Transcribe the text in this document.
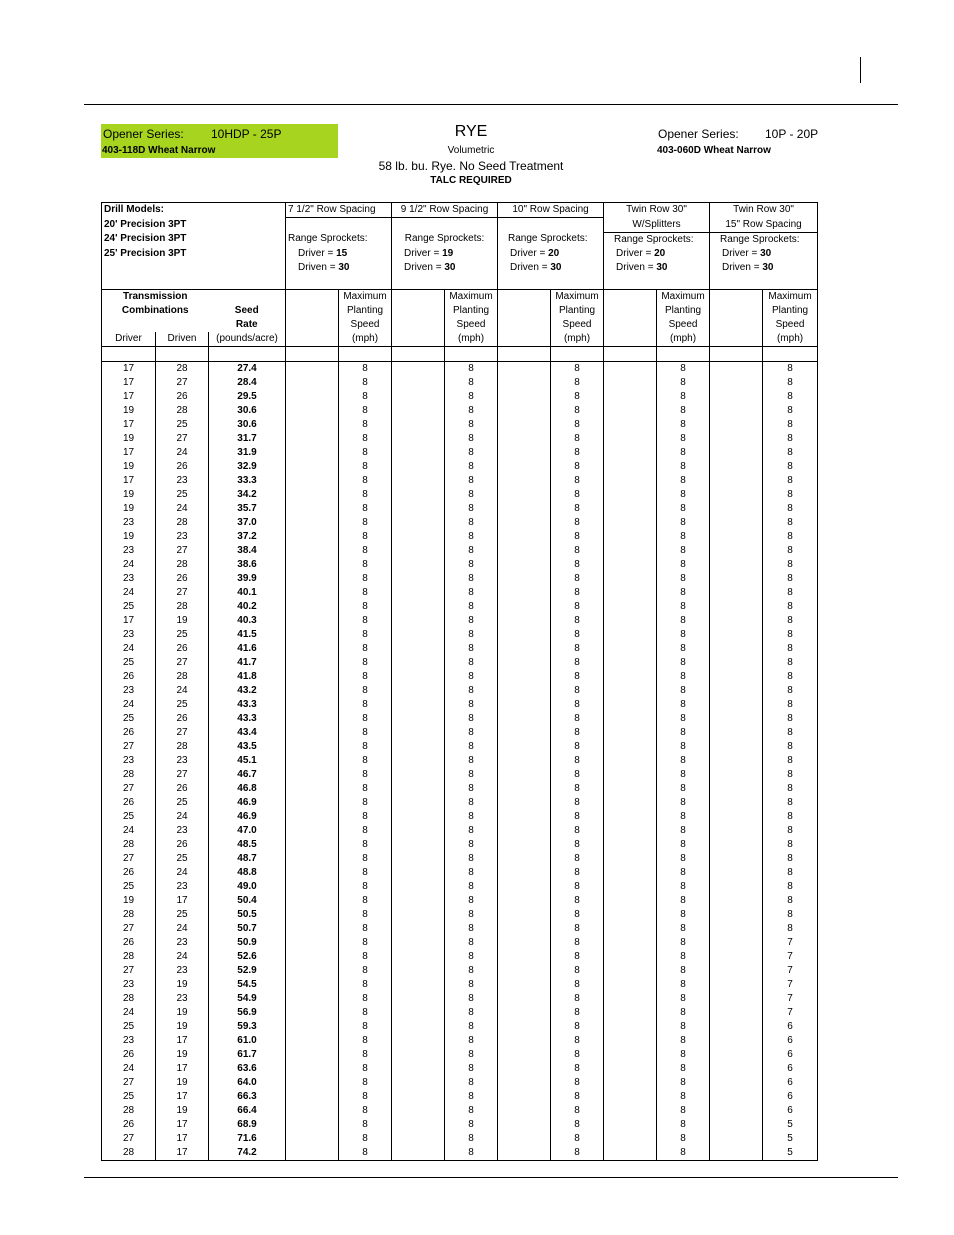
Opener Series: 10HDP - 25P
403-118D Wheat Narrow
RYE
Volumetric
58 lb. bu. Rye. No Seed Treatment
TALC REQUIRED
Opener Series: 10P - 20P
403-060D Wheat Narrow
Drill Models:			7 1/2" Row Spacing		9 1/2" Row Spacing		10" Row Spacing		Twin Row 30"		Twin Row 30"	
20' Precision 3PT									W/Splitters		15" Row Spacing	
24' Precision 3PT			Range Sprockets:		Range Sprockets:		Range Sprockets:		Range Sprockets:		Range Sprockets:	
25' Precision 3PT			Driver = 15		Driver = 19		Driver = 20		Driver = 20		Driver = 30	
			Driven = 30		Driven = 30		Driven = 30		Driven = 30		Driven = 30	

Transmission				Maximum		Maximum		Maximum		Maximum		Maximum
Combinations		Seed		Planting		Planting		Planting		Planting		Planting
		Rate		Speed		Speed		Speed		Speed		Speed
Driver	Driven	(pounds/acre)		(mph)		(mph)		(mph)		(mph)		(mph)

17	28	27.4		8		8		8		8		8
17	27	28.4		8		8		8		8		8
17	26	29.5		8		8		8		8		8
19	28	30.6		8		8		8		8		8
17	25	30.6		8		8		8		8		8
19	27	31.7		8		8		8		8		8
17	24	31.9		8		8		8		8		8
19	26	32.9		8		8		8		8		8
17	23	33.3		8		8		8		8		8
19	25	34.2		8		8		8		8		8
19	24	35.7		8		8		8		8		8
23	28	37.0		8		8		8		8		8
19	23	37.2		8		8		8		8		8
23	27	38.4		8		8		8		8		8
24	28	38.6		8		8		8		8		8
23	26	39.9		8		8		8		8		8
24	27	40.1		8		8		8		8		8
25	28	40.2		8		8		8		8		8
17	19	40.3		8		8		8		8		8
23	25	41.5		8		8		8		8		8
24	26	41.6		8		8		8		8		8
25	27	41.7		8		8		8		8		8
26	28	41.8		8		8		8		8		8
23	24	43.2		8		8		8		8		8
24	25	43.3		8		8		8		8		8
25	26	43.3		8		8		8		8		8
26	27	43.4		8		8		8		8		8
27	28	43.5		8		8		8		8		8
23	23	45.1		8		8		8		8		8
28	27	46.7		8		8		8		8		8
27	26	46.8		8		8		8		8		8
26	25	46.9		8		8		8		8		8
25	24	46.9		8		8		8		8		8
24	23	47.0		8		8		8		8		8
28	26	48.5		8		8		8		8		8
27	25	48.7		8		8		8		8		8
26	24	48.8		8		8		8		8		8
25	23	49.0		8		8		8		8		8
19	17	50.4		8		8		8		8		8
28	25	50.5		8		8		8		8		8
27	24	50.7		8		8		8		8		8
26	23	50.9		8		8		8		8		7
28	24	52.6		8		8		8		8		7
27	23	52.9		8		8		8		8		7
23	19	54.5		8		8		8		8		7
28	23	54.9		8		8		8		8		7
24	19	56.9		8		8		8		8		7
25	19	59.3		8		8		8		8		6
23	17	61.0		8		8		8		8		6
26	19	61.7		8		8		8		8		6
24	17	63.6		8		8		8		8		6
27	19	64.0		8		8		8		8		6
25	17	66.3		8		8		8		8		6
28	19	66.4		8		8		8		8		6
26	17	68.9		8		8		8		8		5
27	17	71.6		8		8		8		8		5
28	17	74.2		8		8		8		8		5
